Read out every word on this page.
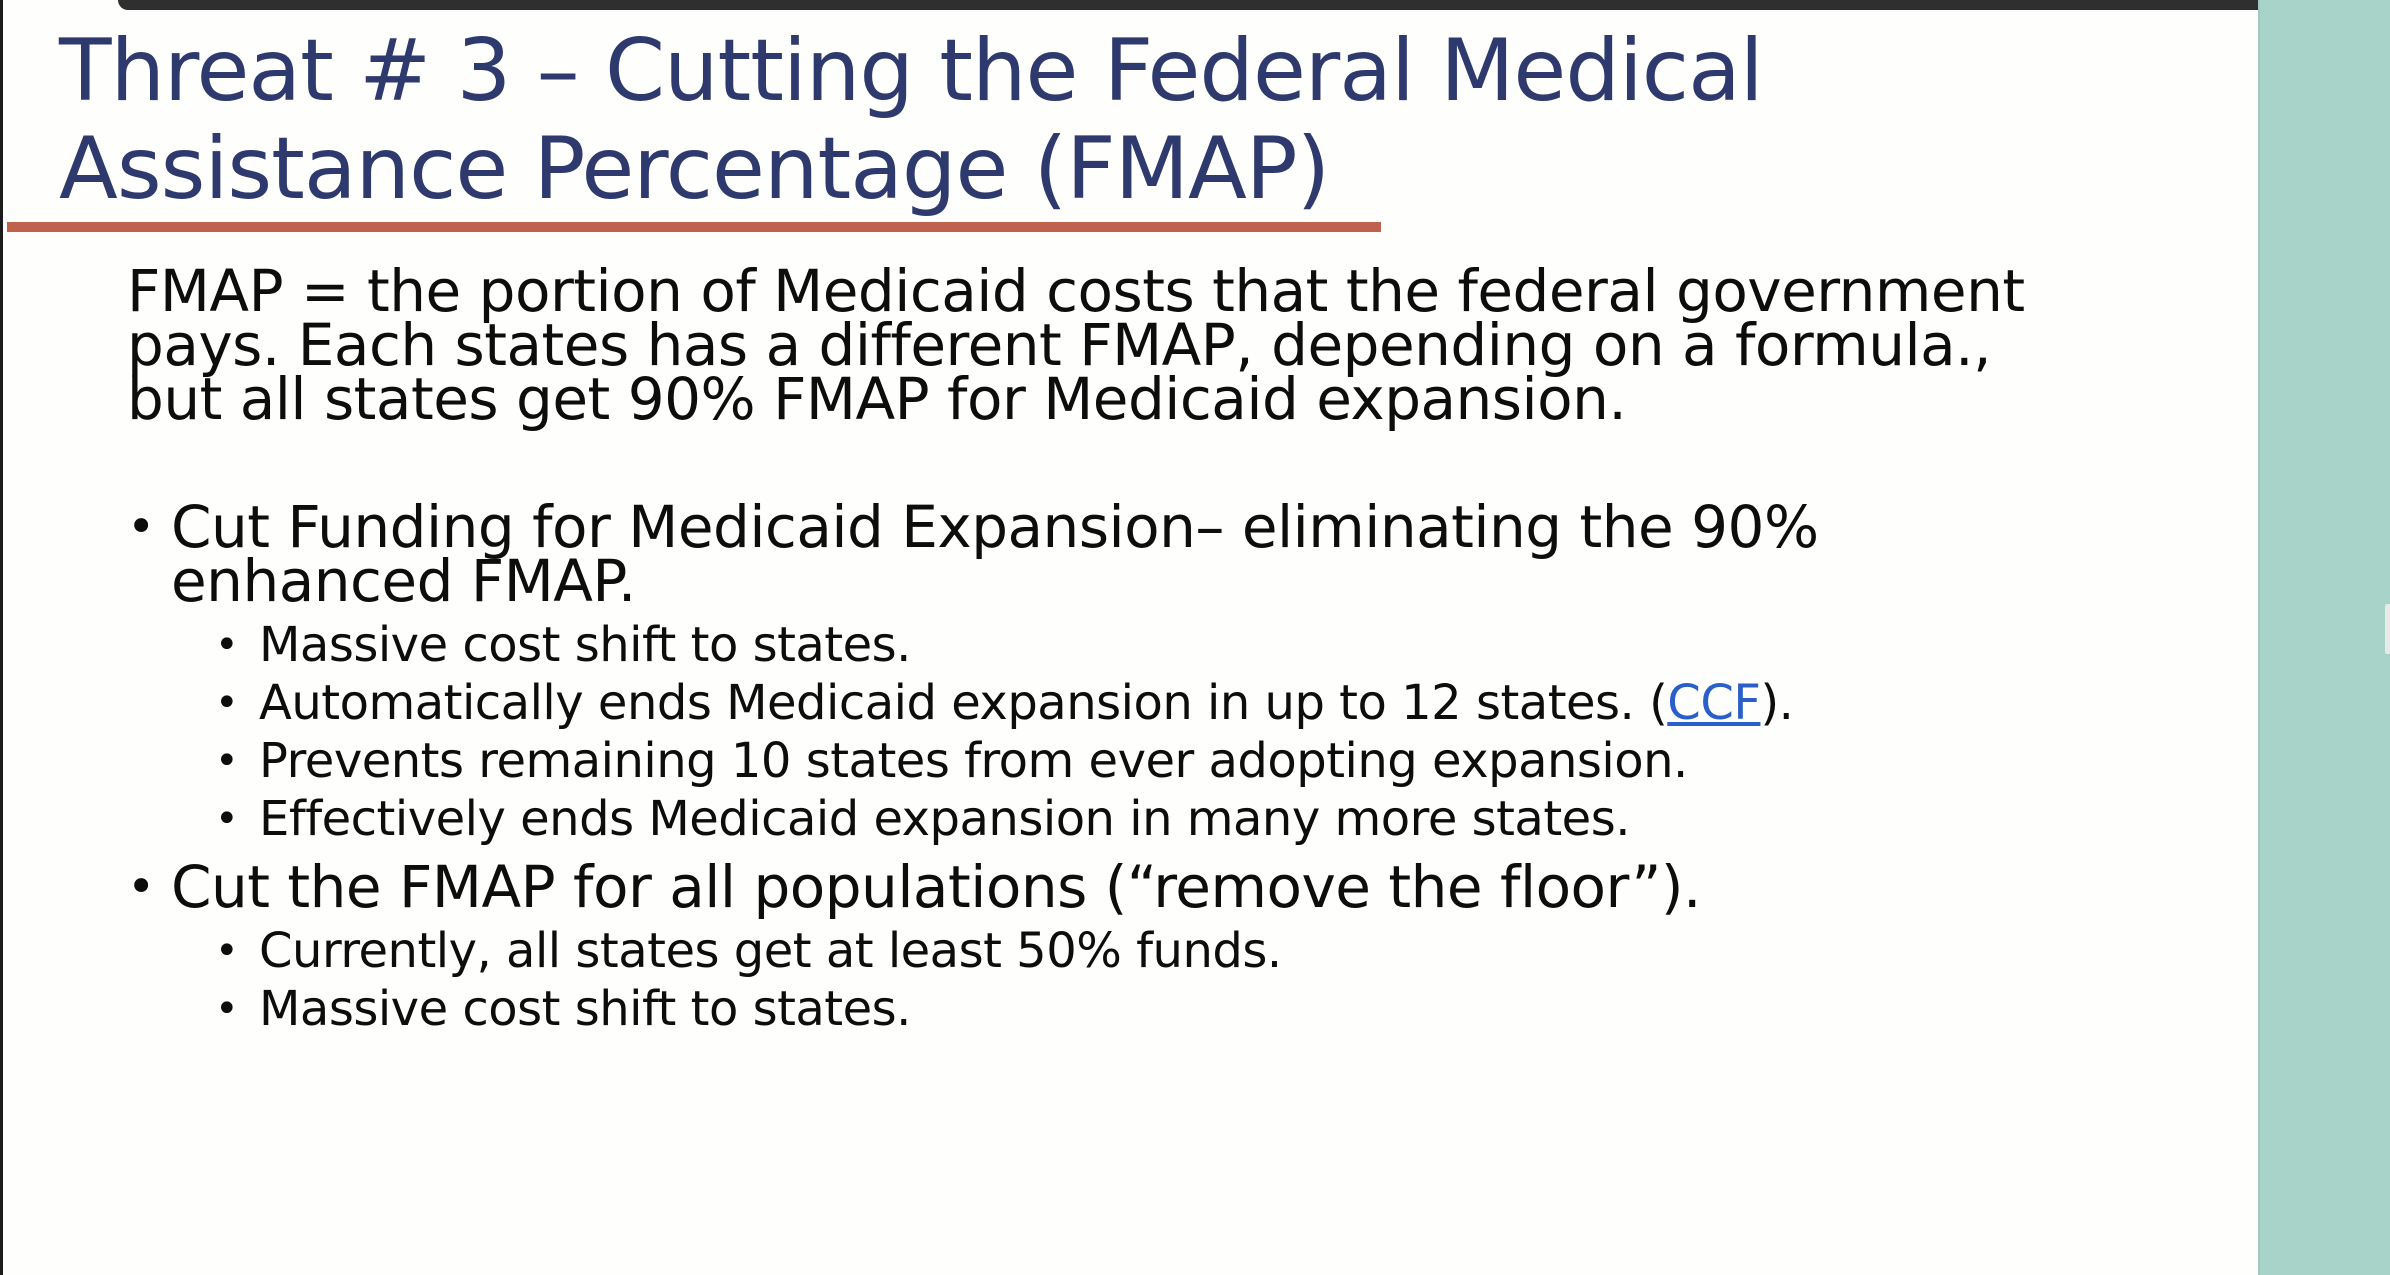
Threat # 3 – Cutting the Federal Medical
Assistance Percentage (FMAP)

FMAP = the portion of Medicaid costs that the federal government
pays. Each states has a different FMAP, depending on a formula.,
but all states get 90% FMAP for Medicaid expansion.

• Cut Funding for Medicaid Expansion– eliminating the 90%
enhanced FMAP.
• Massive cost shift to states.
• Automatically ends Medicaid expansion in up to 12 states. (CCF).
• Prevents remaining 10 states from ever adopting expansion.
• Effectively ends Medicaid expansion in many more states.
• Cut the FMAP for all populations (“remove the floor”).
• Currently, all states get at least 50% funds.
• Massive cost shift to states.
